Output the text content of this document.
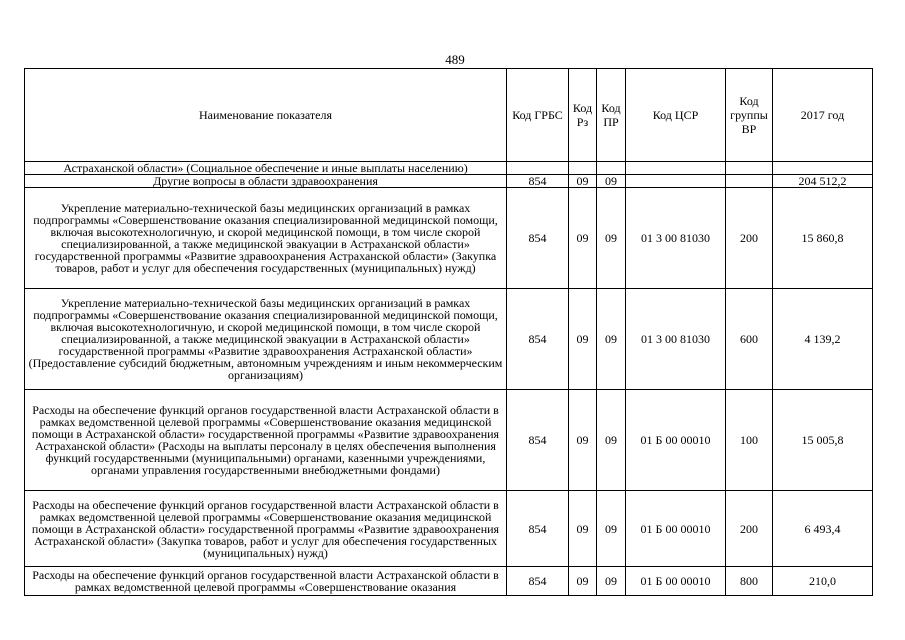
489
Наименование показателя	Код ГРБС	Код Рз	Код ПР	Код ЦСР	Код группы ВР	2017 год
Астраханской области» (Социальное обеспечение и иные выплаты населению)						
Другие вопросы в области здравоохранения	854	09	09			204 512,2
Укрепление материально-технической базы медицинских организаций в рамках подпрограммы «Совершенствование оказания специализированной медицинской помощи, включая высокотехнологичную, и скорой медицинской помощи, в том числе скорой специализированной, а также медицинской эвакуации в Астраханской области» государственной программы «Развитие здравоохранения Астраханской области» (Закупка товаров, работ и услуг для обеспечения государственных (муниципальных) нужд)	854	09	09	01 3 00 81030	200	15 860,8
Укрепление материально-технической базы медицинских организаций в рамках подпрограммы «Совершенствование оказания специализированной медицинской помощи, включая высокотехнологичную, и скорой медицинской помощи, в том числе скорой специализированной, а также медицинской эвакуации в Астраханской области» государственной программы «Развитие здравоохранения Астраханской области» (Предоставление субсидий бюджетным, автономным учреждениям и иным некоммерческим организациям)	854	09	09	01 3 00 81030	600	4 139,2
Расходы на обеспечение функций органов государственной власти Астраханской области в рамках ведомственной целевой программы «Совершенствование оказания медицинской помощи в Астраханской области» государственной программы «Развитие здравоохранения Астраханской области» (Расходы на выплаты персоналу в целях обеспечения выполнения функций государственными (муниципальными) органами, казенными учреждениями, органами управления государственными внебюджетными фондами)	854	09	09	01 Б 00 00010	100	15 005,8
Расходы на обеспечение функций органов государственной власти Астраханской области в рамках ведомственной целевой программы «Совершенствование оказания медицинской помощи в Астраханской области» государственной программы «Развитие здравоохранения Астраханской области» (Закупка товаров, работ и услуг для обеспечения государственных (муниципальных) нужд)	854	09	09	01 Б 00 00010	200	6 493,4
Расходы на обеспечение функций органов государственной власти Астраханской области в рамках ведомственной целевой программы «Совершенствование оказания	854	09	09	01 Б 00 00010	800	210,0
